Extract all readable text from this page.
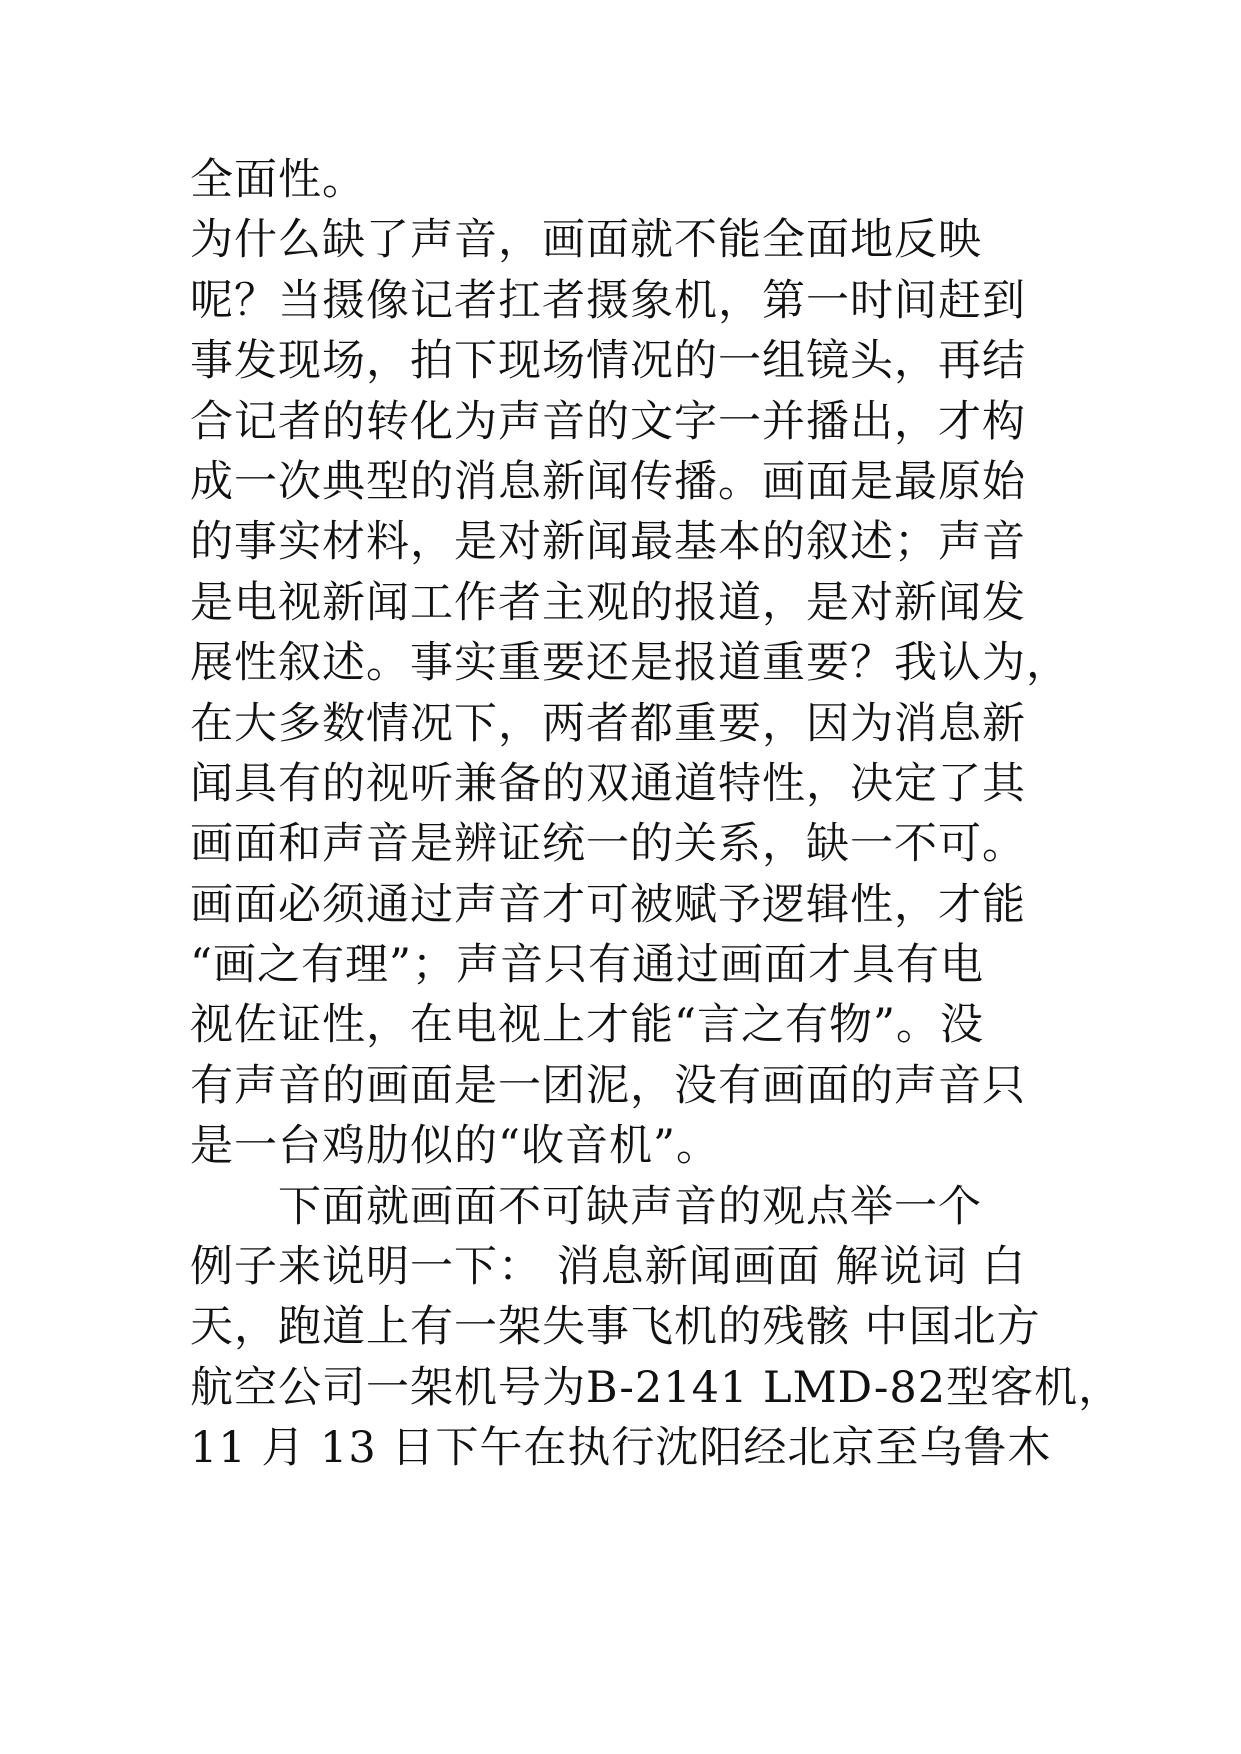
全面性。
为什么缺了声音，画面就不能全面地反映
呢？当摄像记者扛者摄象机，第一时间赶到
事发现场，拍下现场情况的一组镜头，再结
合记者的转化为声音的文字一并播出，才构
成一次典型的消息新闻传播。画面是最原始
的事实材料，是对新闻最基本的叙述；声音
是电视新闻工作者主观的报道，是对新闻发
展性叙述。事实重要还是报道重要？我认为，
在大多数情况下，两者都重要，因为消息新
闻具有的视听兼备的双通道特性，决定了其
画面和声音是辨证统一的关系，缺一不可。
画面必须通过声音才可被赋予逻辑性，才能
“画之有理”；声音只有通过画面才具有电
视佐证性，在电视上才能“言之有物”。没
有声音的画面是一团泥，没有画面的声音只
是一台鸡肋似的“收音机”。
下面就画面不可缺声音的观点举一个
例子来说明一下： 消息新闻画面 解说词 白
天，跑道上有一架失事飞机的残骸 中国北方
航空公司一架机号为B-2141 LMD-82型客机，
11 月 13 日下午在执行沈阳经北京至乌鲁木
